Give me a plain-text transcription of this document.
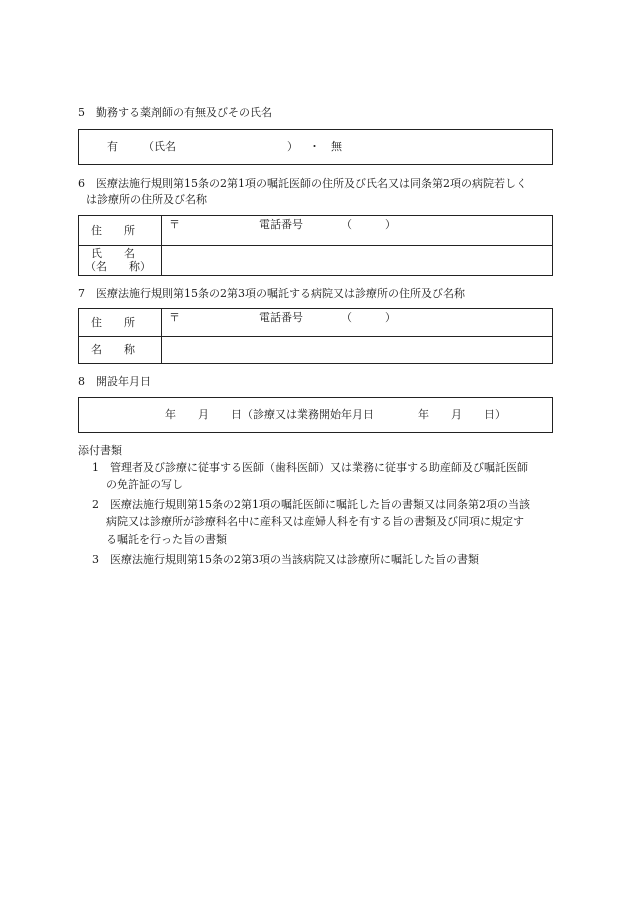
5　勤務する薬剤師の有無及びその氏名
有 （氏名	） ・ 無
6　医療法施行規則第15条の2第1項の嘱託医師の住所及び氏名又は同条第2項の病院若しく
は診療所の住所及び名称
住　　所	〒	電話番号	（　　　）
氏　　名
（名　　称）
7　医療法施行規則第15条の2第3項の嘱託する病院又は診療所の住所及び名称
住　　所	〒	電話番号	（　　　）
名　　称
8　開設年月日
年　　月　　日（診療又は業務開始年月日　　　　年　　月　　日）
添付書類
1　管理者及び診療に従事する医師（歯科医師）又は業務に従事する助産師及び嘱託医師
の免許証の写し
2　医療法施行規則第15条の2第1項の嘱託医師に嘱託した旨の書類又は同条第2項の当該
病院又は診療所が診療科名中に産科又は産婦人科を有する旨の書類及び同項に規定す
る嘱託を行った旨の書類
3　医療法施行規則第15条の2第3項の当該病院又は診療所に嘱託した旨の書類
